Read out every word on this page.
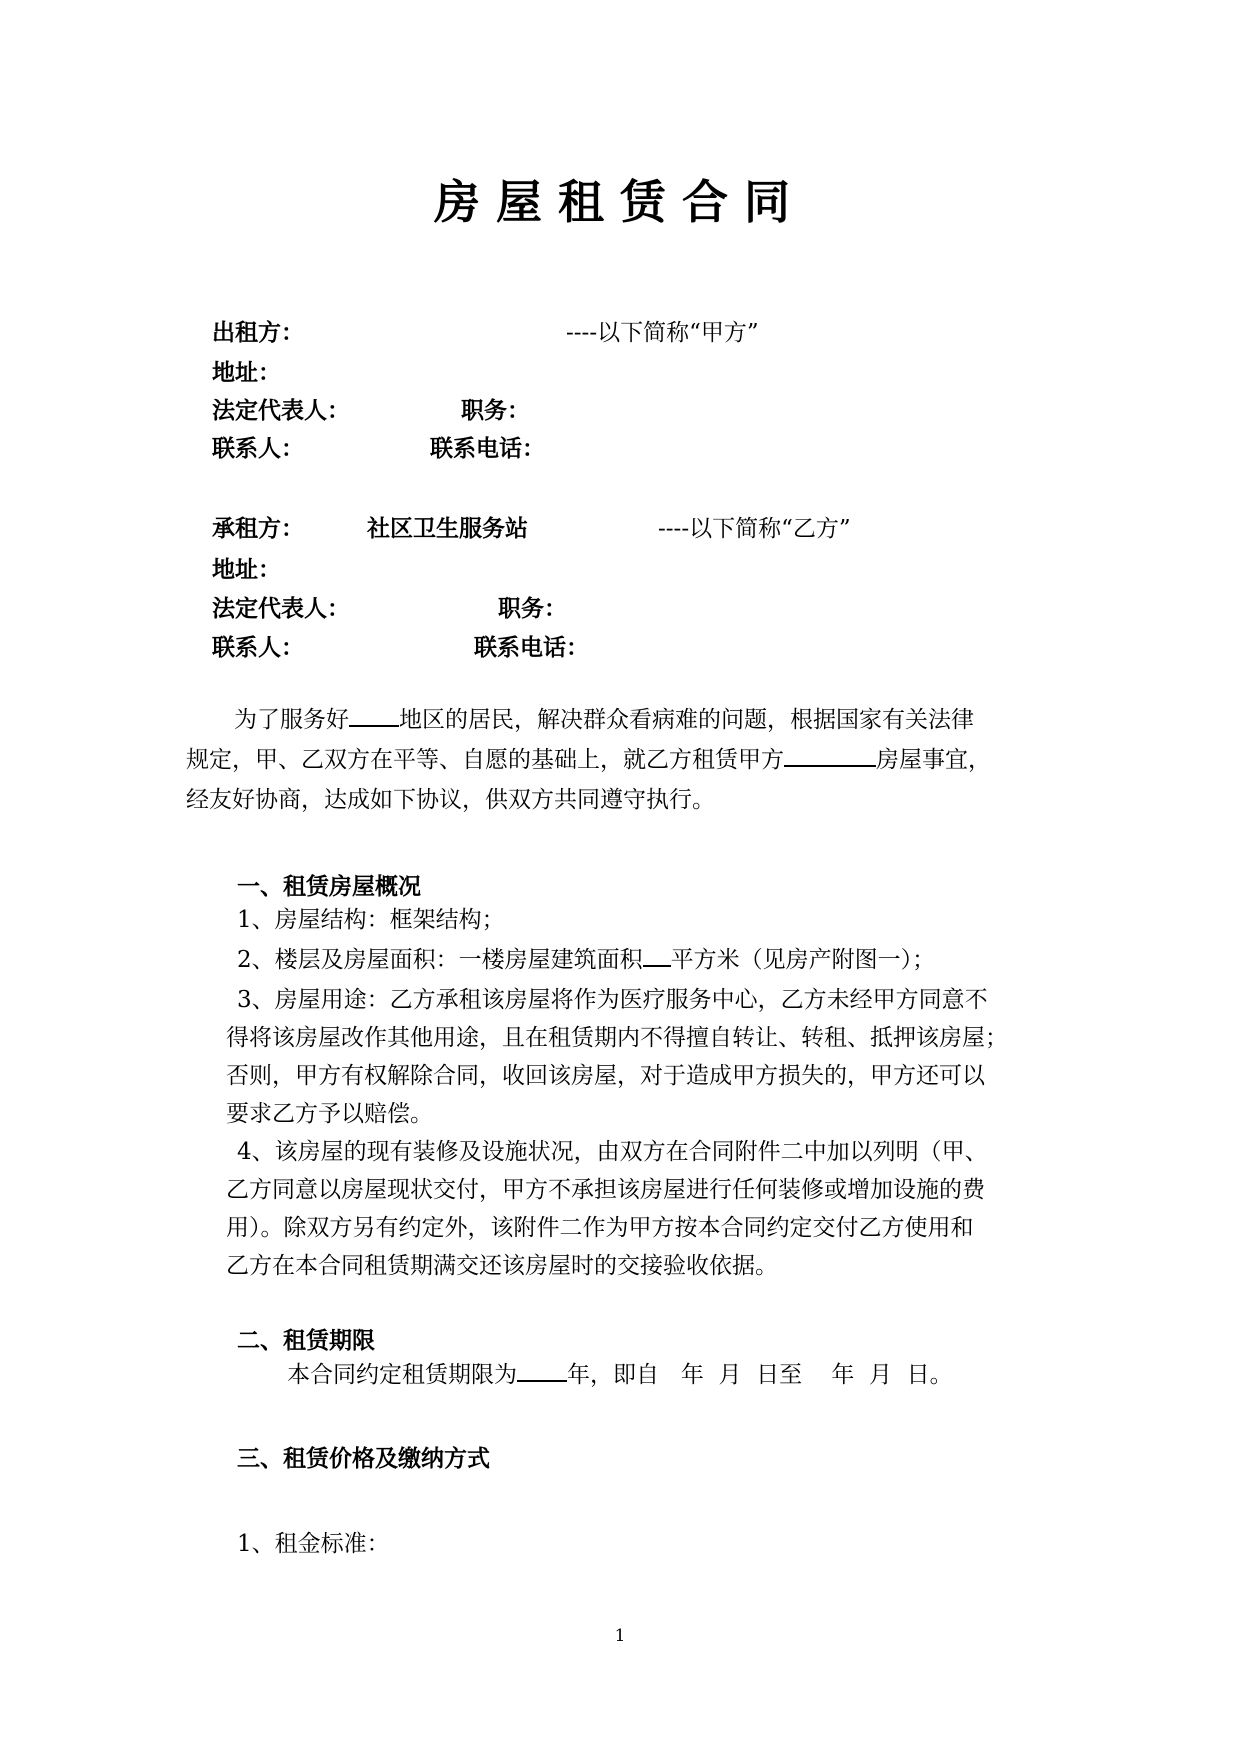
房屋租赁合同
出租方：	----以下简称“甲方”
地址：
法定代表人：	职务：
联系人：	联系电话：
承租方：	社区卫生服务站	----以下简称“乙方”
地址：
法定代表人：	职务：
联系人：	联系电话：
为了服务好 地区的居民，解决群众看病难的问题，根据国家有关法律
规定，甲、乙双方在平等、自愿的基础上，就乙方租赁甲方	房屋事宜，
经友好协商，达成如下协议，供双方共同遵守执行。
一、租赁房屋概况
1、房屋结构：框架结构；
2、楼层及房屋面积：一楼房屋建筑面积 平方米（见房产附图一）；
3、房屋用途：乙方承租该房屋将作为医疗服务中心，乙方未经甲方同意不
得将该房屋改作其他用途，且在租赁期内不得擅自转让、转租、抵押该房屋；
否则，甲方有权解除合同，收回该房屋，对于造成甲方损失的，甲方还可以
要求乙方予以赔偿。
4、该房屋的现有装修及设施状况，由双方在合同附件二中加以列明（甲、
乙方同意以房屋现状交付，甲方不承担该房屋进行任何装修或增加设施的费
用）。除双方另有约定外，该附件二作为甲方按本合同约定交付乙方使用和
乙方在本合同租赁期满交还该房屋时的交接验收依据。
二、租赁期限
本合同约定租赁期限为 年，即自   年  月  日至    年  月  日。
三、租赁价格及缴纳方式
1、租金标准：
1
